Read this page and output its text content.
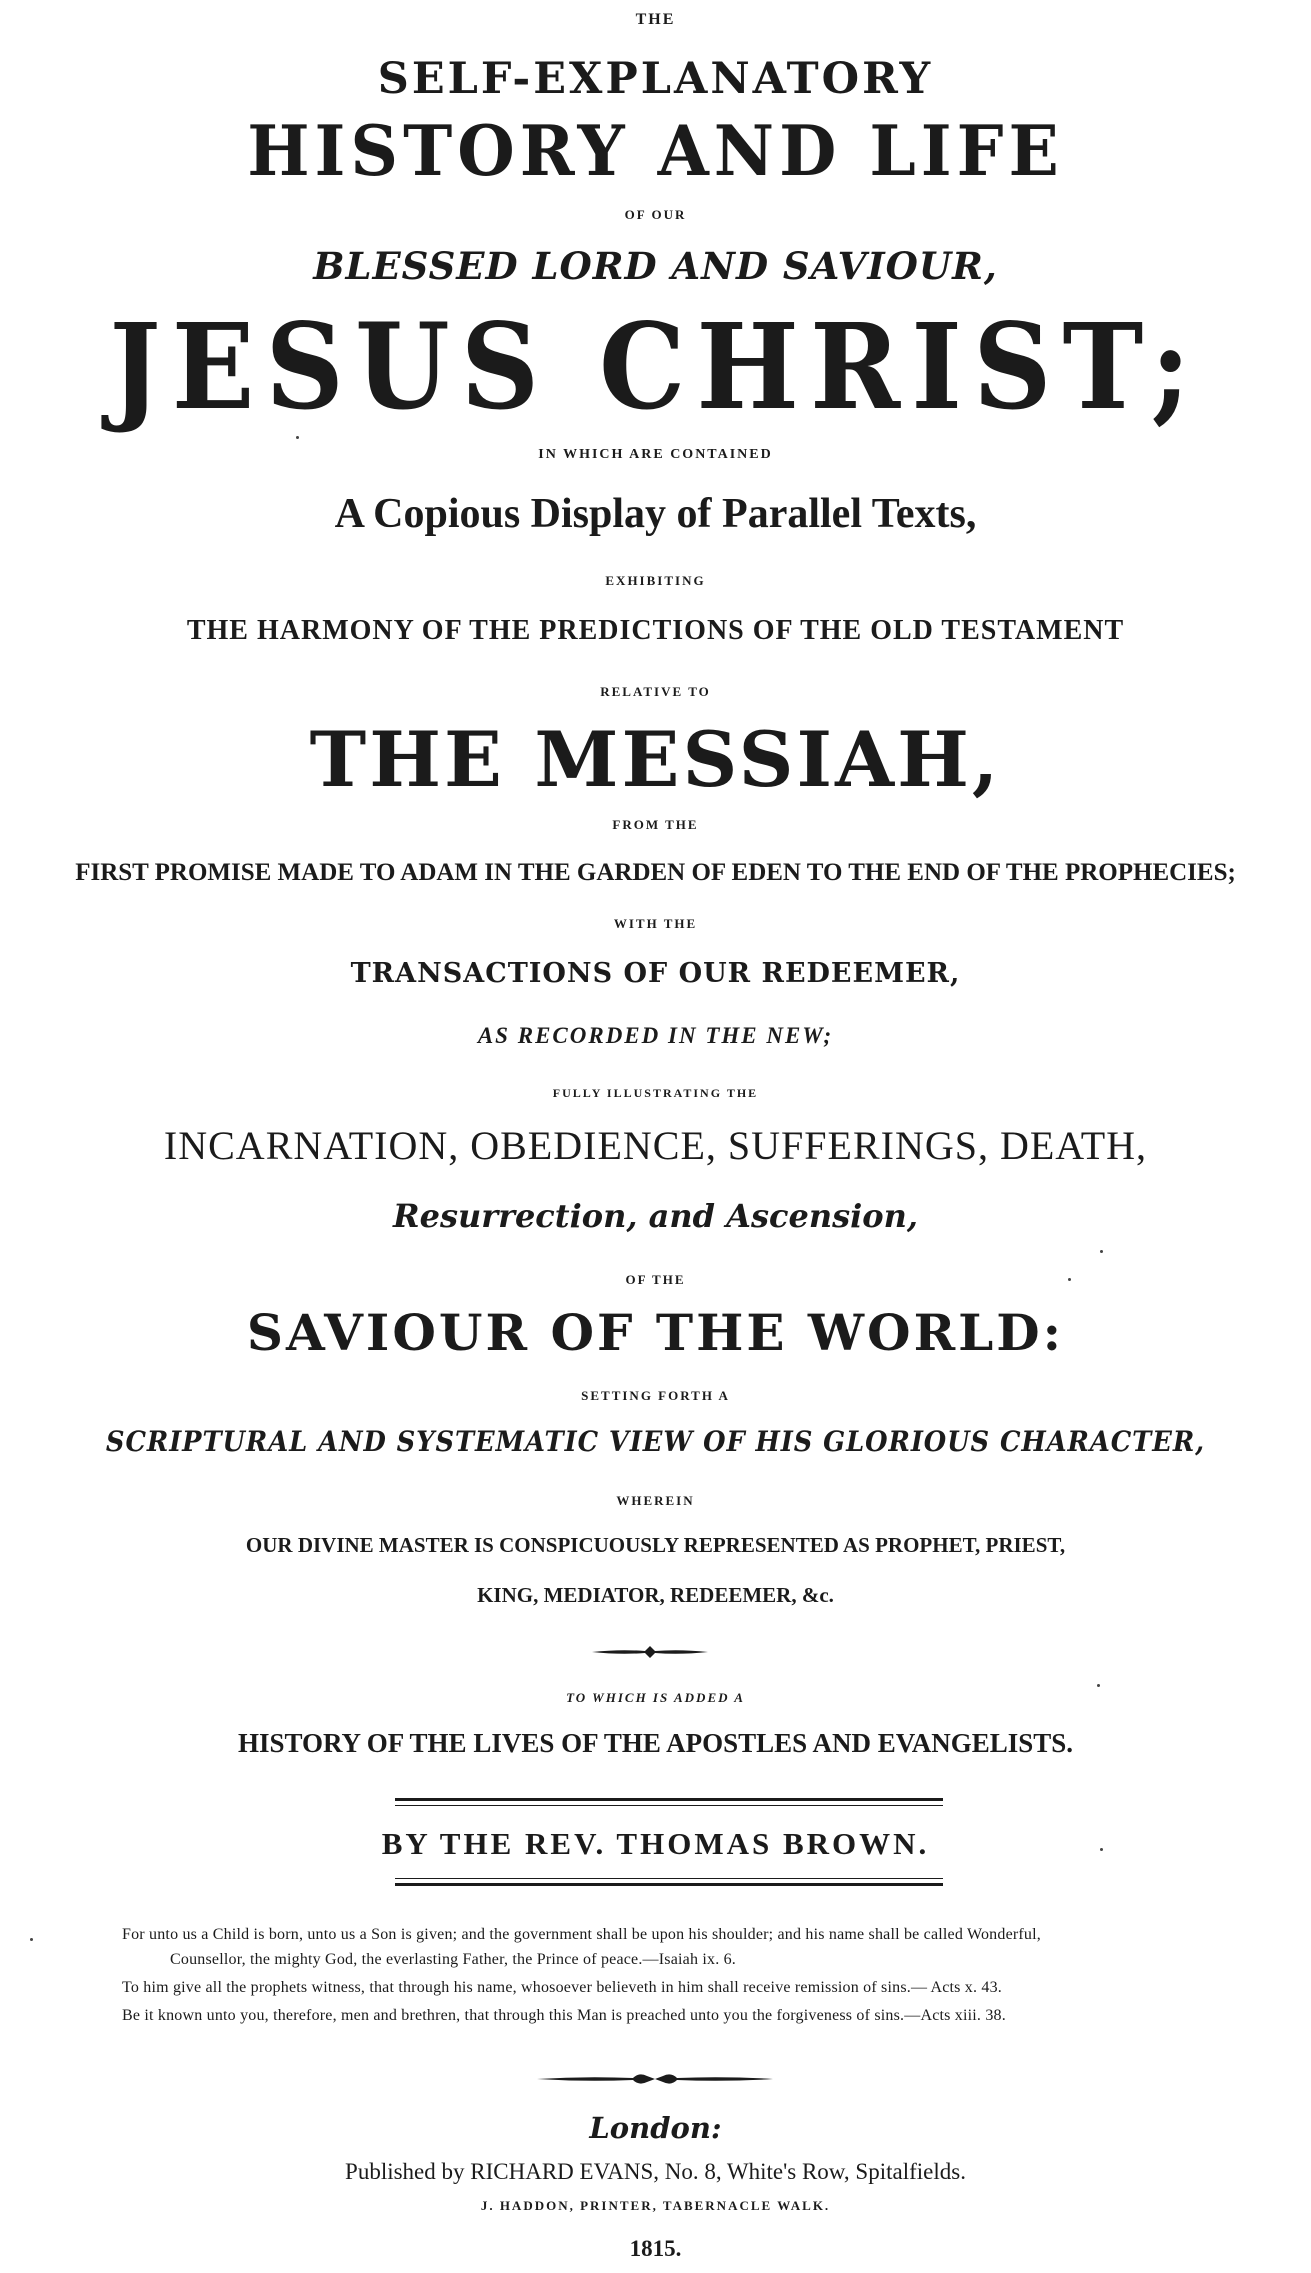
THE
SELF-EXPLANATORY
HISTORY AND LIFE
OF OUR
BLESSED LORD AND SAVIOUR,
JESUS CHRIST;
IN WHICH ARE CONTAINED
A Copious Display of Parallel Texts,
EXHIBITING
THE HARMONY OF THE PREDICTIONS OF THE OLD TESTAMENT
RELATIVE TO
THE MESSIAH,
FROM THE
FIRST PROMISE MADE TO ADAM IN THE GARDEN OF EDEN TO THE END OF THE PROPHECIES;
WITH THE
TRANSACTIONS OF OUR REDEEMER,
AS RECORDED IN THE NEW;
FULLY ILLUSTRATING THE
INCARNATION, OBEDIENCE, SUFFERINGS, DEATH,
Resurrection, and Ascension,
OF THE
SAVIOUR OF THE WORLD:
SETTING FORTH A
SCRIPTURAL AND SYSTEMATIC VIEW OF HIS GLORIOUS CHARACTER,
WHEREIN
OUR DIVINE MASTER IS CONSPICUOUSLY REPRESENTED AS PROPHET, PRIEST,
KING, MEDIATOR, REDEEMER, &c.
TO WHICH IS ADDED A
HISTORY OF THE LIVES OF THE APOSTLES AND EVANGELISTS.
BY THE REV. THOMAS BROWN.
For unto us a Child is born, unto us a Son is given; and the government shall be upon his shoulder; and his name shall be called Wonderful,
Counsellor, the mighty God, the everlasting Father, the Prince of peace.—Isaiah ix. 6.
To him give all the prophets witness, that through his name, whosoever believeth in him shall receive remission of sins.— Acts x. 43.
Be it known unto you, therefore, men and brethren, that through this Man is preached unto you the forgiveness of sins.—Acts xiii. 38.
London:
Published by RICHARD EVANS, No. 8, White's Row, Spitalfields.
J. HADDON, PRINTER, TABERNACLE WALK.
1815.
